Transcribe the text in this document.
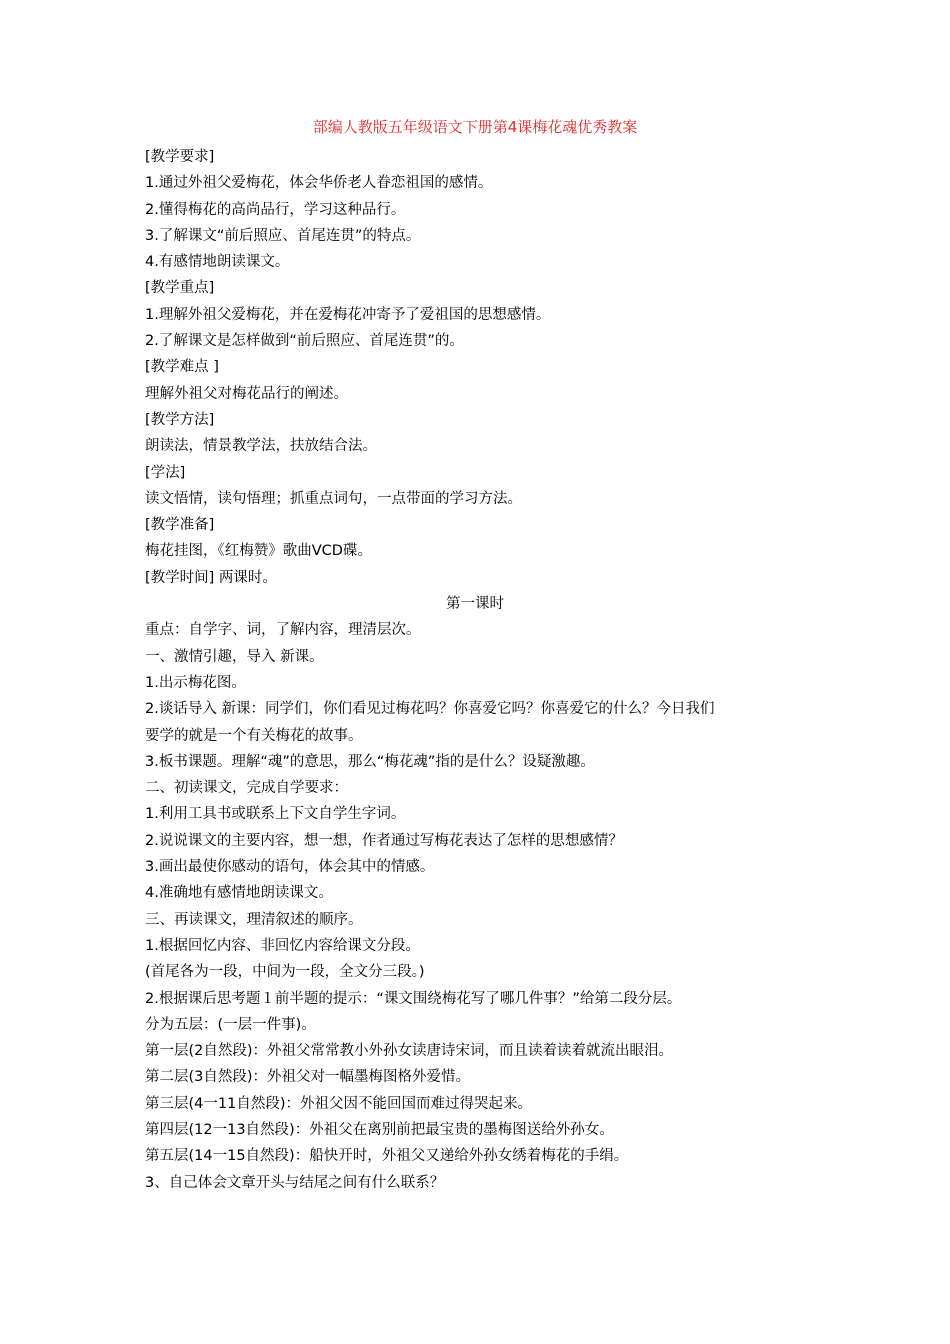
部编人教版五年级语文下册第4课梅花魂优秀教案
[教学要求]
1.通过外祖父爱梅花，体会华侨老人眷恋祖国的感情。
2.懂得梅花的高尚品行，学习这种品行。
3.了解课文“前后照应、首尾连贯”的特点。
4.有感情地朗读课文。
[教学重点]
1.理解外祖父爱梅花，并在爱梅花冲寄予了爱祖国的思想感情。
2.了解课文是怎样做到“前后照应、首尾连贯”的。
[教学难点 ]
理解外祖父对梅花品行的阐述。
[教学方法]
朗读法，情景教学法，扶放结合法。
[学法]
读文悟情，读句悟理；抓重点词句，一点带面的学习方法。
[教学准备]
梅花挂图，《红梅赞》歌曲VCD碟。
[教学时间] 两课时。
第一课时
重点：自学字、词，了解内容，理清层次。
一、激情引趣，导入 新课。
1.出示梅花图。
2.谈话导入 新课：同学们，你们看见过梅花吗？你喜爱它吗？你喜爱它的什么？今日我们
要学的就是一个有关梅花的故事。
3.板书课题。理解“魂”的意思，那么“梅花魂”指的是什么？设疑激趣。
二、初读课文，完成自学要求：
1.利用工具书或联系上下文自学生字词。
2.说说课文的主要内容，想一想，作者通过写梅花表达了怎样的思想感情？
3.画出最使你感动的语句，体会其中的情感。
4.准确地有感情地朗读课文。
三、再读课文，理清叙述的顺序。
1.根据回忆内容、非回忆内容给课文分段。
(首尾各为一段，中间为一段，全文分三段。)
2.根据课后思考题１前半题的提示：“课文围绕梅花写了哪几件事？”给第二段分层。
分为五层：(一层一件事)。
第一层(2自然段)：外祖父常常教小外孙女读唐诗宋词，而且读着读着就流出眼泪。
第二层(3自然段)：外祖父对一幅墨梅图格外爱惜。
第三层(4一11自然段)：外祖父因不能回国而难过得哭起来。
第四层(12一13自然段)：外祖父在离别前把最宝贵的墨梅图送给外孙女。
第五层(14一15自然段)：船快开时，外祖父又递给外孙女绣着梅花的手绢。
3、自己体会文章开头与结尾之间有什么联系？
